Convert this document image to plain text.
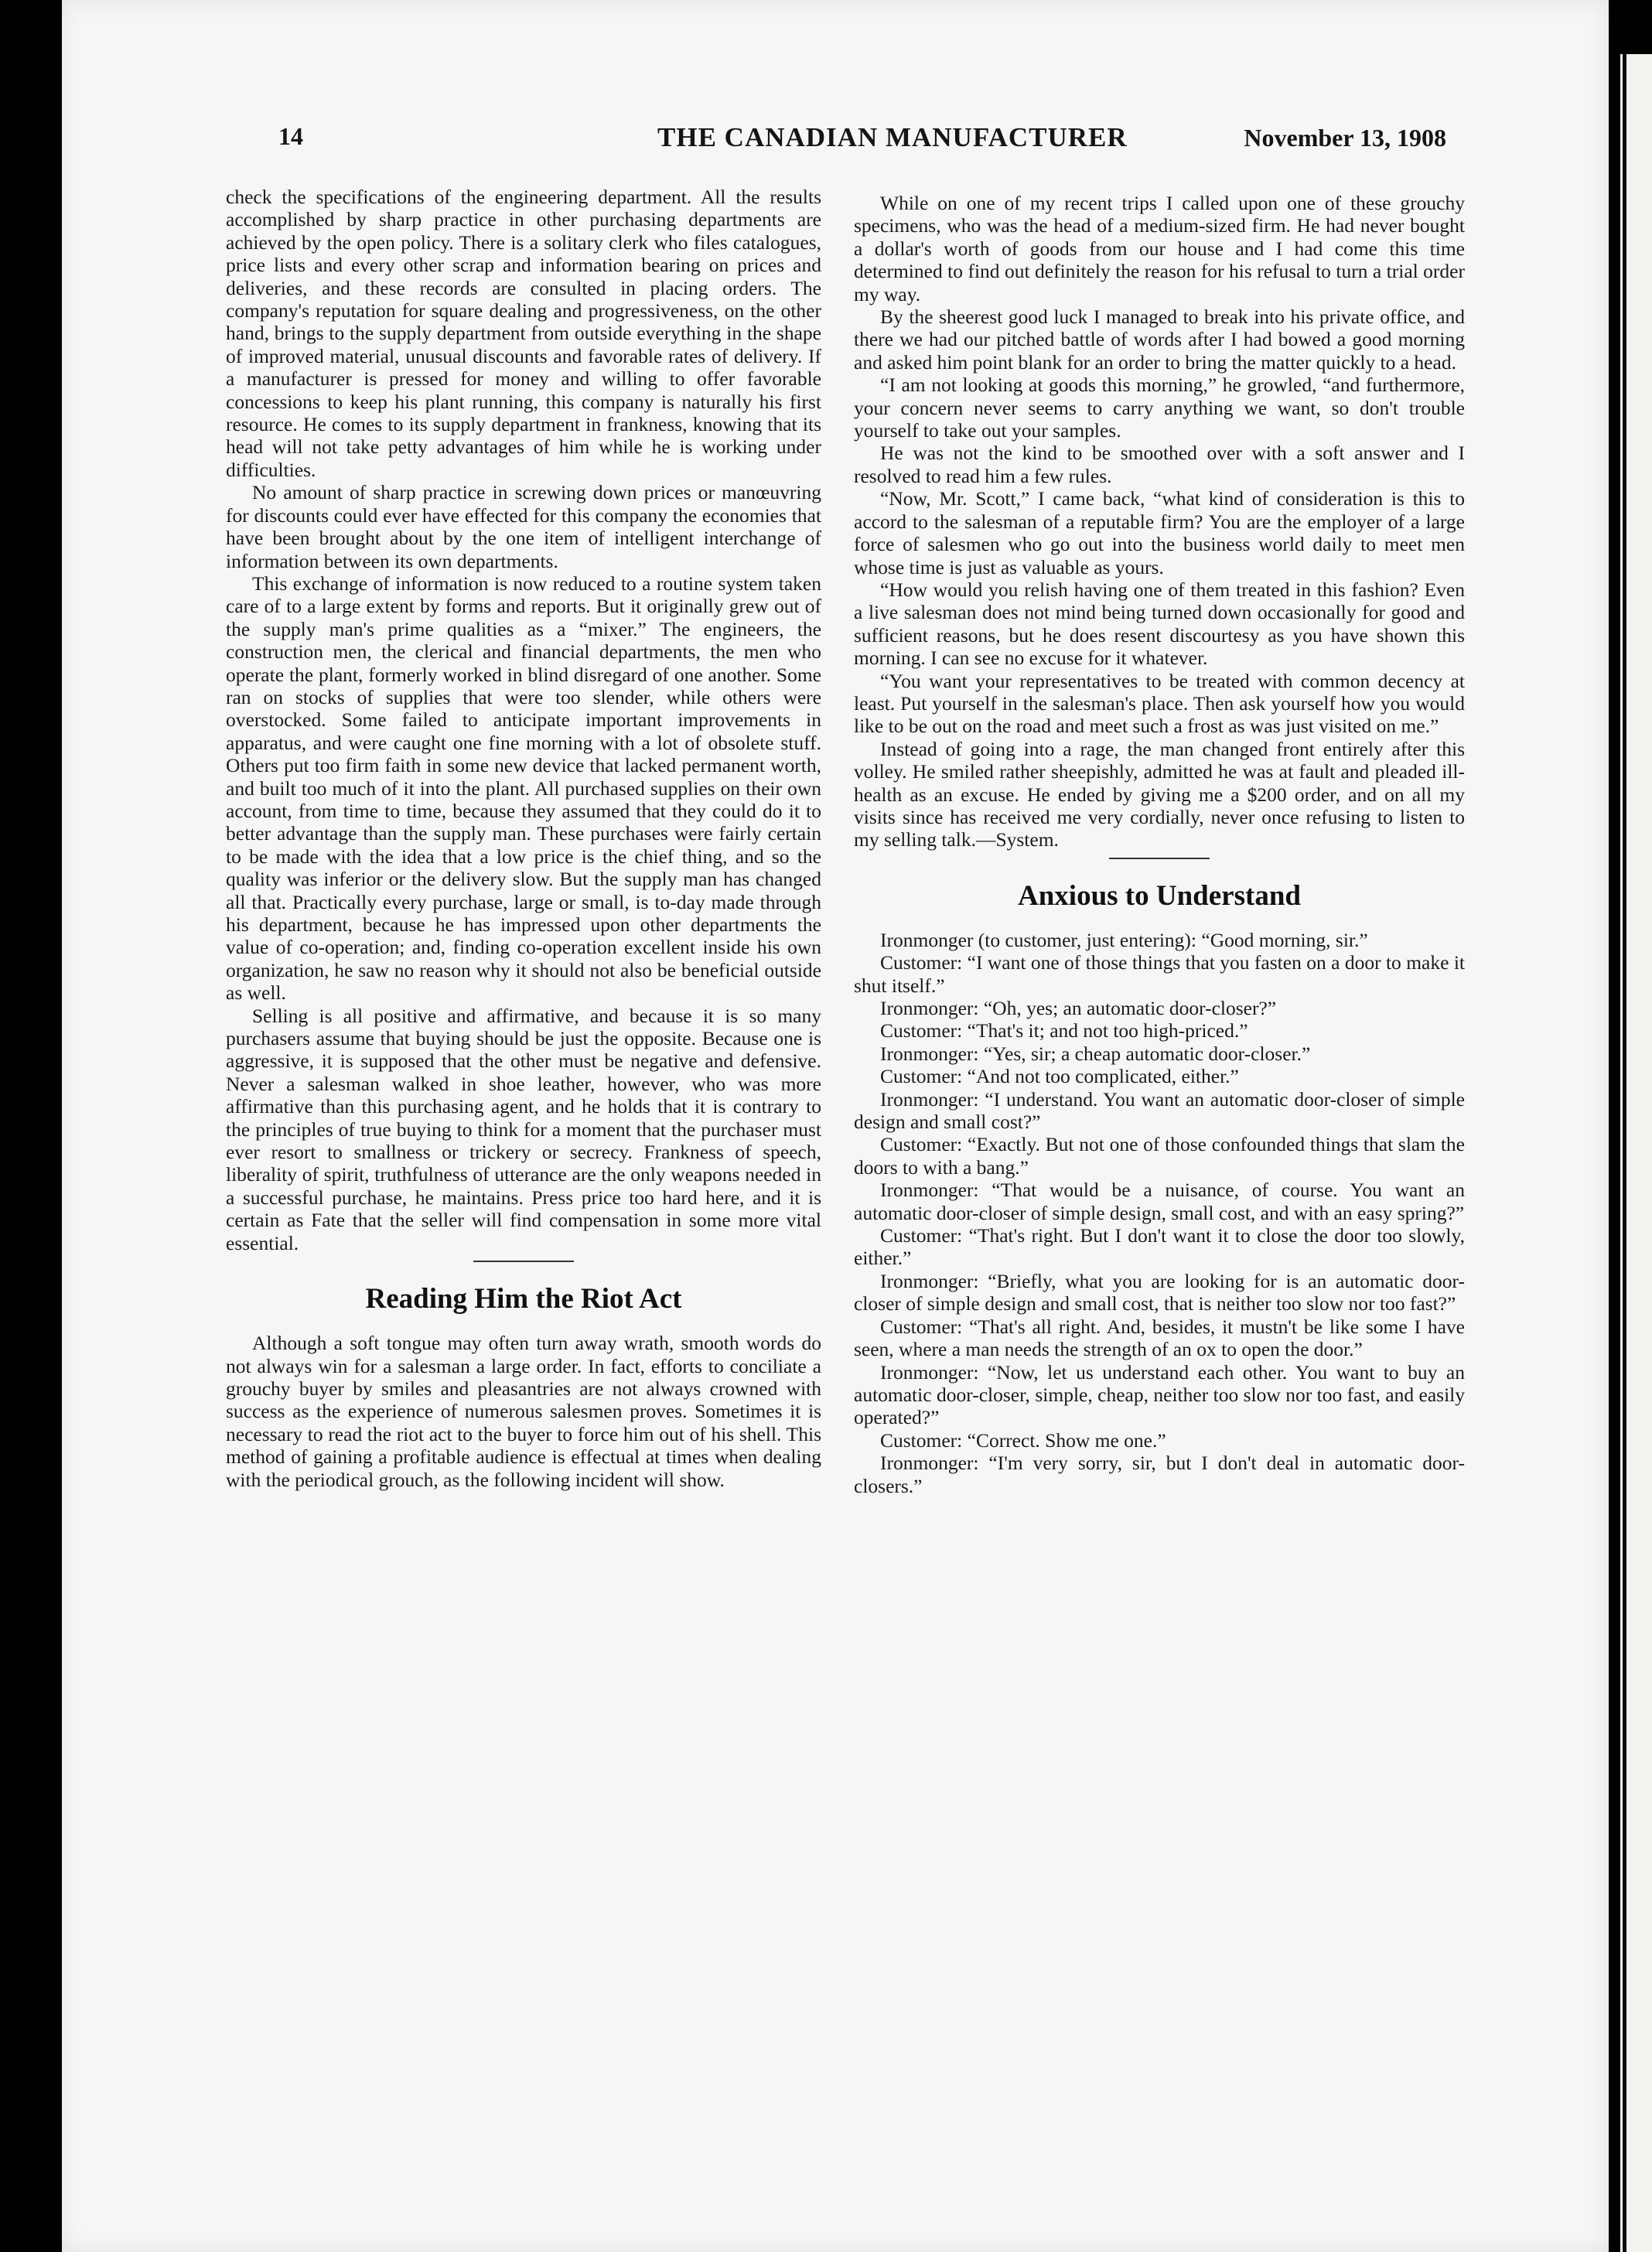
14	THE CANADIAN MANUFACTURER	November 13, 1908

check the specifications of the engineering department. All the results accomplished by sharp practice in other purchasing departments are achieved by the open policy. There is a solitary clerk who files catalogues, price lists and every other scrap and information bearing on prices and deliveries, and these records are consulted in placing orders. The company's reputation for square dealing and progressiveness, on the other hand, brings to the supply department from outside everything in the shape of improved material, unusual discounts and favorable rates of delivery. If a manufacturer is pressed for money and willing to offer favorable concessions to keep his plant running, this company is naturally his first resource. He comes to its supply department in frankness, knowing that its head will not take petty advantages of him while he is working under difficulties.

No amount of sharp practice in screwing down prices or manœuvring for discounts could ever have effected for this company the economies that have been brought about by the one item of intelligent interchange of information between its own departments.

This exchange of information is now reduced to a routine system taken care of to a large extent by forms and reports. But it originally grew out of the supply man's prime qualities as a “mixer.” The engineers, the construction men, the clerical and financial departments, the men who operate the plant, formerly worked in blind disregard of one another. Some ran on stocks of supplies that were too slender, while others were overstocked. Some failed to anticipate important improvements in apparatus, and were caught one fine morning with a lot of obsolete stuff. Others put too firm faith in some new device that lacked permanent worth, and built too much of it into the plant. All purchased supplies on their own account, from time to time, because they assumed that they could do it to better advantage than the supply man. These purchases were fairly certain to be made with the idea that a low price is the chief thing, and so the quality was inferior or the delivery slow. But the supply man has changed all that. Practically every purchase, large or small, is to-day made through his department, because he has impressed upon other departments the value of co-operation; and, finding co-operation excellent inside his own organization, he saw no reason why it should not also be beneficial outside as well.

Selling is all positive and affirmative, and because it is so many purchasers assume that buying should be just the opposite. Because one is aggressive, it is supposed that the other must be negative and defensive. Never a salesman walked in shoe leather, however, who was more affirmative than this purchasing agent, and he holds that it is contrary to the principles of true buying to think for a moment that the purchaser must ever resort to smallness or trickery or secrecy. Frankness of speech, liberality of spirit, truthfulness of utterance are the only weapons needed in a successful purchase, he maintains. Press price too hard here, and it is certain as Fate that the seller will find compensation in some more vital essential.

Reading Him the Riot Act

Although a soft tongue may often turn away wrath, smooth words do not always win for a salesman a large order. In fact, efforts to conciliate a grouchy buyer by smiles and pleasantries are not always crowned with success as the experience of numerous salesmen proves. Sometimes it is necessary to read the riot act to the buyer to force him out of his shell. This method of gaining a profitable audience is effectual at times when dealing with the periodical grouch, as the following incident will show.

While on one of my recent trips I called upon one of these grouchy specimens, who was the head of a medium-sized firm. He had never bought a dollar's worth of goods from our house and I had come this time determined to find out definitely the reason for his refusal to turn a trial order my way.

By the sheerest good luck I managed to break into his private office, and there we had our pitched battle of words after I had bowed a good morning and asked him point blank for an order to bring the matter quickly to a head.

“I am not looking at goods this morning,” he growled, “and furthermore, your concern never seems to carry anything we want, so don't trouble yourself to take out your samples.

He was not the kind to be smoothed over with a soft answer and I resolved to read him a few rules.

“Now, Mr. Scott,” I came back, “what kind of consideration is this to accord to the salesman of a reputable firm? You are the employer of a large force of salesmen who go out into the business world daily to meet men whose time is just as valuable as yours.

“How would you relish having one of them treated in this fashion? Even a live salesman does not mind being turned down occasionally for good and sufficient reasons, but he does resent discourtesy as you have shown this morning. I can see no excuse for it whatever.

“You want your representatives to be treated with common decency at least. Put yourself in the salesman's place. Then ask yourself how you would like to be out on the road and meet such a frost as was just visited on me.”

Instead of going into a rage, the man changed front entirely after this volley. He smiled rather sheepishly, admitted he was at fault and pleaded ill-health as an excuse. He ended by giving me a $200 order, and on all my visits since has received me very cordially, never once refusing to listen to my selling talk.—System.

Anxious to Understand

Ironmonger (to customer, just entering): “Good morning, sir.”

Customer: “I want one of those things that you fasten on a door to make it shut itself.”

Ironmonger: “Oh, yes; an automatic door-closer?”

Customer: “That's it; and not too high-priced.”

Ironmonger: “Yes, sir; a cheap automatic door-closer.”

Customer: “And not too complicated, either.”

Ironmonger: “I understand. You want an automatic door-closer of simple design and small cost?”

Customer: “Exactly. But not one of those confounded things that slam the doors to with a bang.”

Ironmonger: “That would be a nuisance, of course. You want an automatic door-closer of simple design, small cost, and with an easy spring?”

Customer: “That's right. But I don't want it to close the door too slowly, either.”

Ironmonger: “Briefly, what you are looking for is an automatic door-closer of simple design and small cost, that is neither too slow nor too fast?”

Customer: “That's all right. And, besides, it mustn't be like some I have seen, where a man needs the strength of an ox to open the door.”

Ironmonger: “Now, let us understand each other. You want to buy an automatic door-closer, simple, cheap, neither too slow nor too fast, and easily operated?”

Customer: “Correct. Show me one.”

Ironmonger: “I'm very sorry, sir, but I don't deal in automatic door-closers.”
